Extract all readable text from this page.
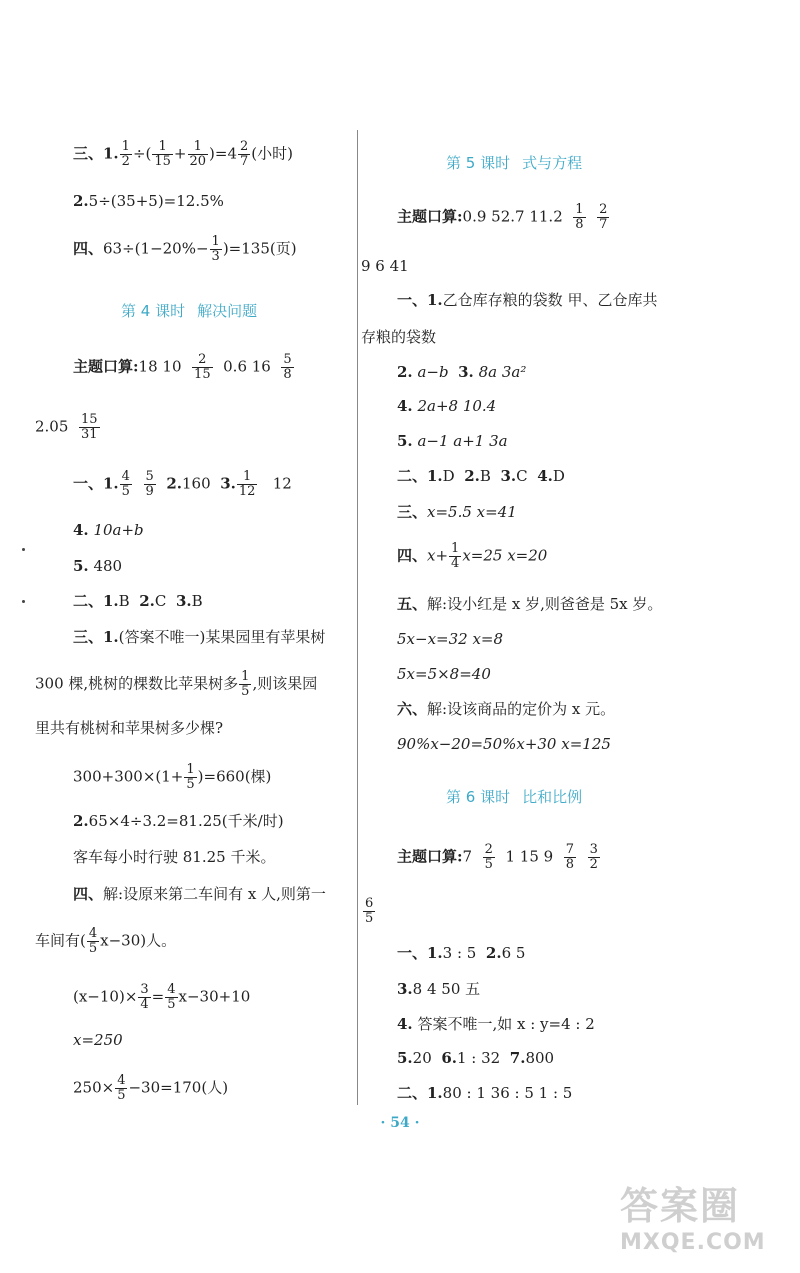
三、1. $\frac{1}{2}$ ÷( $\frac{1}{15} + \frac{1}{20} )=4 \frac{2}{7}$ (小时)
2.5÷(35+5)=12.5%
四、$63\div(1-20\%- \frac{1}{3} )=135$(页)
第 4 课时 解决问题
主题口算:18 $10 \frac{2}{15} 0.6$ $16 \frac{5}{8}$
$2.05 \frac{15}{31}$
一、1. $\frac{4}{5}$
$\frac{5}{9} 2.160$ 3. $\frac{1}{12} 12$
4. 10a+b
5. 480
二、1.B 2.C 3.B
三、1.(答案不唯一)某果园里有苹果树
300 棵,桃树的棵数比苹果树多 $\frac{1}{5}$ ,则该果园
里共有桃树和苹果树多少棵?
$300+300\times(1+ \frac{1}{5} )=660$(棵)
2.65×4÷3.2=81.25(千米/时)
客车每小时行驶 81.25 千米。
四、解:设原来第二车间有 x 人,则第一
车间有( $\frac{4}{5} x-30$)人。
$(x-10)\times \frac{3}{4} = \frac{4}{5} x-30+10$
x=250
$250\times \frac{4}{5} -30=170$(人)
第 5 课时 式与方程
主题口算:0.9 52.7 $11.2 \frac{1}{8}$
$\frac{2}{7}$
9 6 41
一、1.乙仓库存粮的袋数 甲、乙仓库共
存粮的袋数
2. a−b 3. 8a 3a²
4. 2a+8 10.4
5. a−1 a+1 3a
二、1.D 2.B 3.C 4.D
三、x=5.5 x=41
四、$x+ \frac{1}{4} x=25$ x=20
五、解:设小红是 x 岁,则爸爸是 5x 岁。
5x−x=32 x=8
5x=5×8=40
六、解:设该商品的定价为 x 元。
90%x−20=50%x+30 x=125
第 6 课时 比和比例
主题口算:7 $\frac{2}{5} 1$ 15 $9 \frac{7}{8}$
$\frac{3}{2}$
$\frac{6}{5}$
一、1.3 : 5 2.6 5
3.8 4 50 五
4. 答案不唯一,如 x : y=4 : 2
5.20 6.1 : 32 7.800
二、1.80 : 1 36 : 5 1 : 5
· 54 ·
答案圈
MXQE.COM
